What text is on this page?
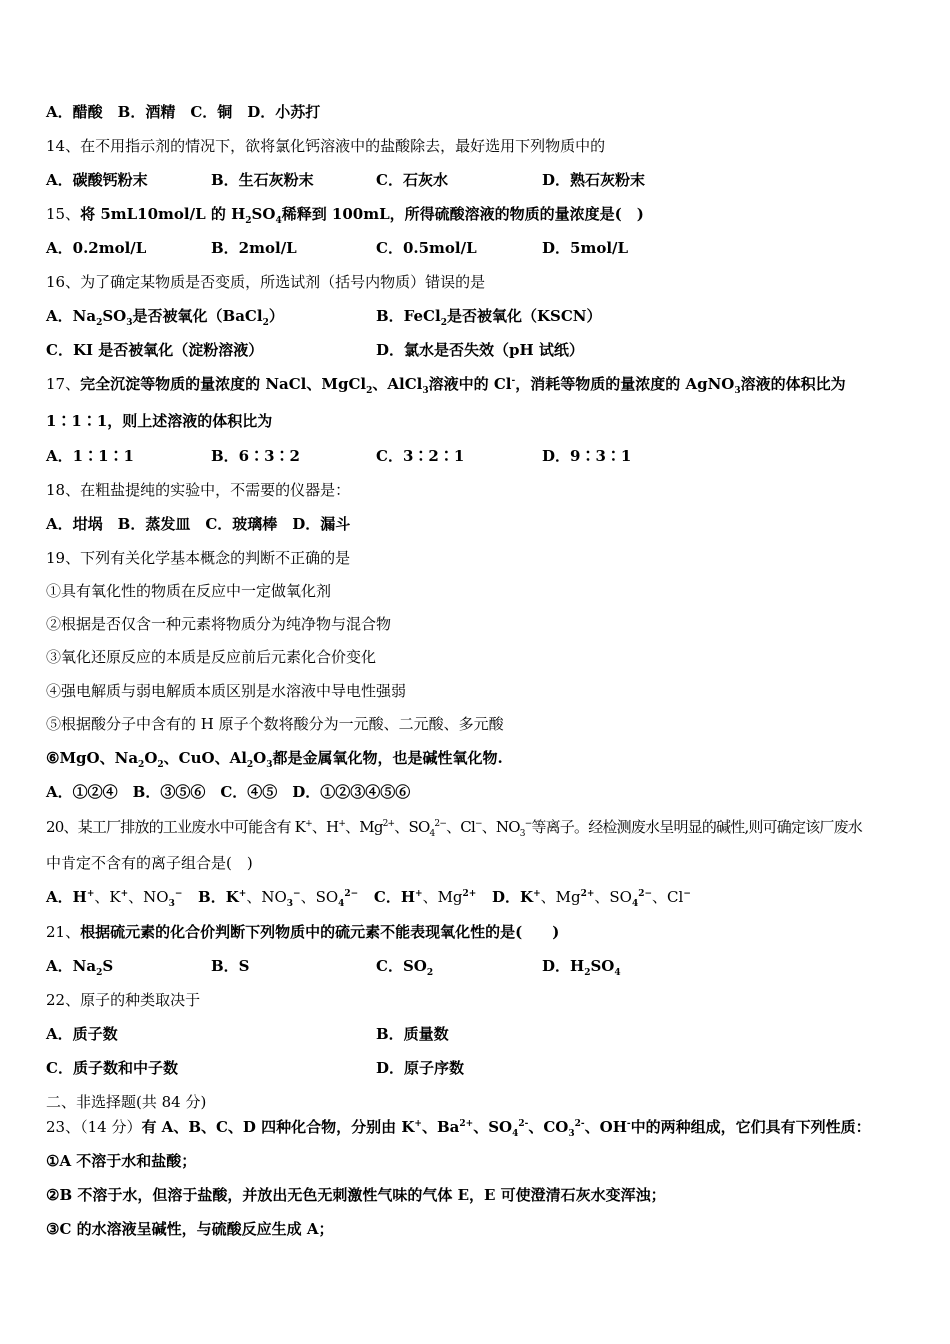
A．醋酸　B．酒精　C．铜　D．小苏打
14、在不用指示剂的情况下，欲将氯化钙溶液中的盐酸除去，最好选用下列物质中的
A．碳酸钙粉末	B．生石灰粉末	C．石灰水	D．熟石灰粉末
15、将 5mL10mol/L 的 $H_2SO_4$稀释到 100mL，所得硫酸溶液的物质的量浓度是(　)
A．0.2mol/L	B．2mol/L	C．0.5mol/L	D．5mol/L
16、为了确定某物质是否变质，所选试剂（括号内物质）错误的是
A．$Na_2SO_3$是否被氧化（BaCl$_2$）	B．FeCl$_2$是否被氧化（KSCN）
C．KI 是否被氧化（淀粉溶液）	D．氯水是否失效（pH 试纸）
17、完全沉淀等物质的量浓度的 NaCl、MgCl$_2$、AlCl$_3$溶液中的 Cl-，消耗等物质的量浓度的 AgNO$_3$溶液的体积比为
1∶1∶1，则上述溶液的体积比为
A．1∶1∶1	B．6∶3∶2	C．3∶2∶1	D．9∶3∶1
18、在粗盐提纯的实验中，不需要的仪器是：
A．坩埚　B．蒸发皿　C．玻璃棒　D．漏斗
19、下列有关化学基本概念的判断不正确的是
①具有氧化性的物质在反应中一定做氧化剂
②根据是否仅含一种元素将物质分为纯净物与混合物
③氧化还原反应的本质是反应前后元素化合价变化
④强电解质与弱电解质本质区别是水溶液中导电性强弱
⑤根据酸分子中含有的 H 原子个数将酸分为一元酸、二元酸、多元酸
⑥MgO、$Na_2O_2$、CuO、$Al_2O_3$都是金属氧化物，也是碱性氧化物.
A．①②④　B．③⑤⑥　C．④⑤　D．①②③④⑤⑥
20、某工厂排放的工业废水中可能含有 K+、H+、$Mg^{2+}$、$SO_4^{2-}$、Cl−、$NO_3^-$等离子。经检测废水呈明显的碱性,则可确定该厂废水
中肯定不含有的离子组合是(　)
A．H+、K+、$NO_3^-$ B．K+、$NO_3^-$、$SO_4^{2-}$ C．H+、$Mg^{2+}$ D．K+、$Mg^{2+}$、$SO_4^{2-}$、Cl−
21、根据硫元素的化合价判断下列物质中的硫元素不能表现氧化性的是(　　)
A．$Na_2S$	B．S	C．$SO_2$	D．$H_2SO_4$
22、原子的种类取决于
A．质子数	B．质量数
C．质子数和中子数	D．原子序数
二、非选择题(共 84 分)
23、（14 分）有 A、B、C、D 四种化合物，分别由 K+、$Ba^{2+}$、$SO_4^{2-}$、$CO_3^{2-}$、OH-中的两种组成，它们具有下列性质：
①A 不溶于水和盐酸；
②B 不溶于水，但溶于盐酸，并放出无色无刺激性气味的气体 E，E 可使澄清石灰水变浑浊；
③C 的水溶液呈碱性，与硫酸反应生成 A；
